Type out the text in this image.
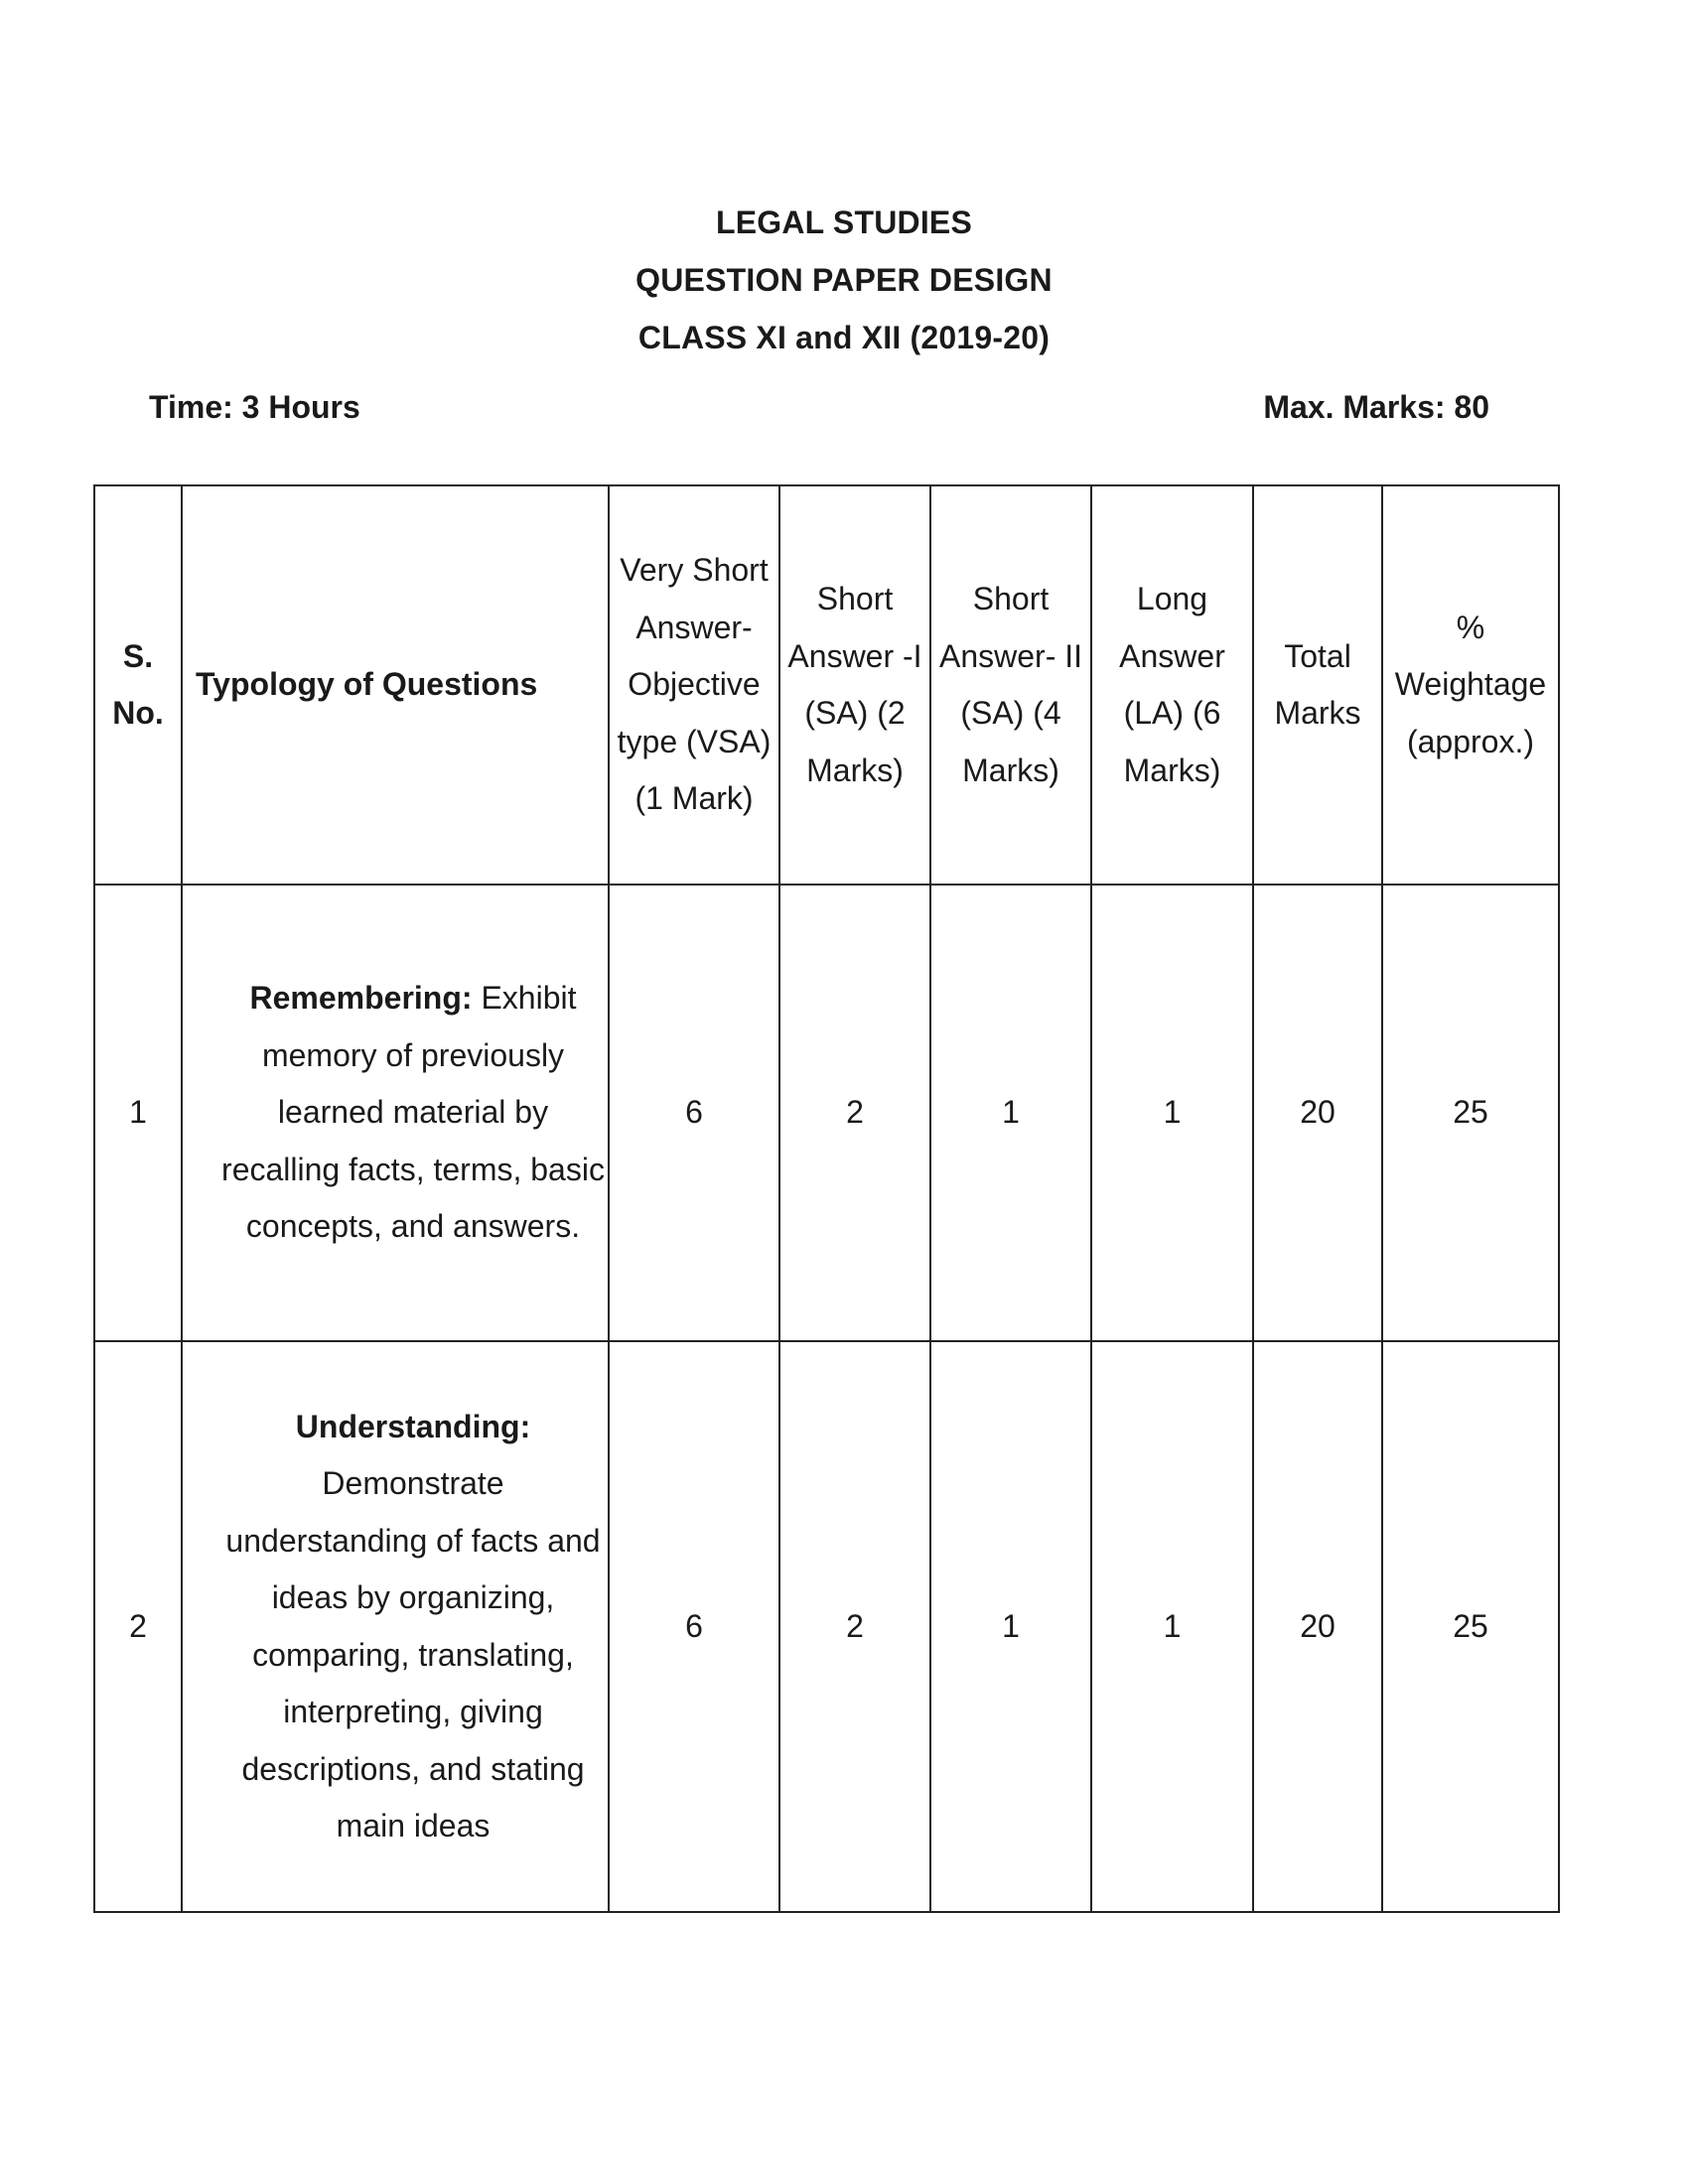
LEGAL STUDIES
QUESTION PAPER DESIGN
CLASS XI and XII (2019-20)
Time: 3 Hours	Max. Marks: 80
S. No.	Typology of Questions	Very Short Answer- Objective type (VSA) (1 Mark)	Short Answer -I (SA) (2 Marks)	Short Answer- II (SA) (4 Marks)	Long Answer (LA) (6 Marks)	Total Marks	% Weightage (approx.)
1	Remembering: Exhibit memory of previously learned material by recalling facts, terms, basic concepts, and answers.	6	2	1	1	20	25
2	Understanding: Demonstrate understanding of facts and ideas by organizing, comparing, translating, interpreting, giving descriptions, and stating main ideas	6	2	1	1	20	25
